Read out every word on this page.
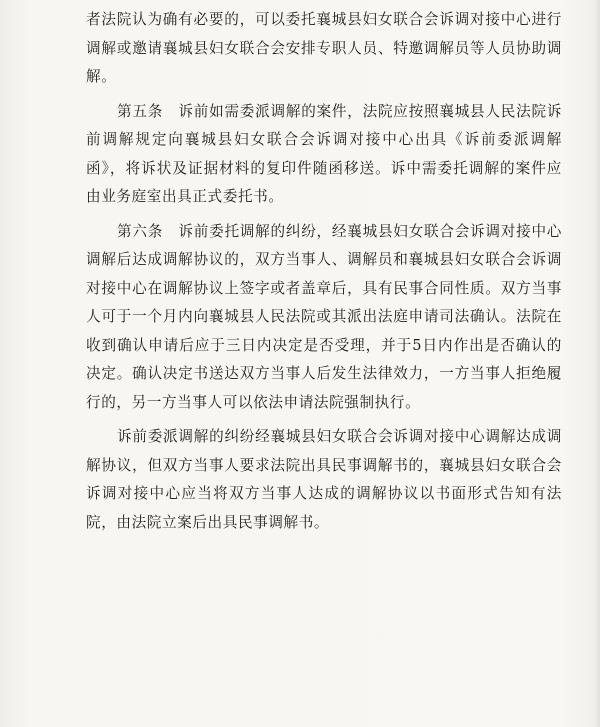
者法院认为确有必要的，可以委托襄城县妇女联合会诉调对接中心进行调解或邀请襄城县妇女联合会安排专职人员、特邀调解员等人员协助调解。

第五条　诉前如需委派调解的案件，法院应按照襄城县人民法院诉前调解规定向襄城县妇女联合会诉调对接中心出具《诉前委派调解函》，将诉状及证据材料的复印件随函移送。诉中需委托调解的案件应由业务庭室出具正式委托书。

第六条　诉前委托调解的纠纷，经襄城县妇女联合会诉调对接中心调解后达成调解协议的，双方当事人、调解员和襄城县妇女联合会诉调对接中心在调解协议上签字或者盖章后，具有民事合同性质。双方当事人可于一个月内向襄城县人民法院或其派出法庭申请司法确认。法院在收到确认申请后应于三日内决定是否受理，并于5日内作出是否确认的决定。确认决定书送达双方当事人后发生法律效力，一方当事人拒绝履行的，另一方当事人可以依法申请法院强制执行。

诉前委派调解的纠纷经襄城县妇女联合会诉调对接中心调解达成调解协议，但双方当事人要求法院出具民事调解书的，襄城县妇女联合会诉调对接中心应当将双方当事人达成的调解协议以书面形式告知有法院，由法院立案后出具民事调解书。
